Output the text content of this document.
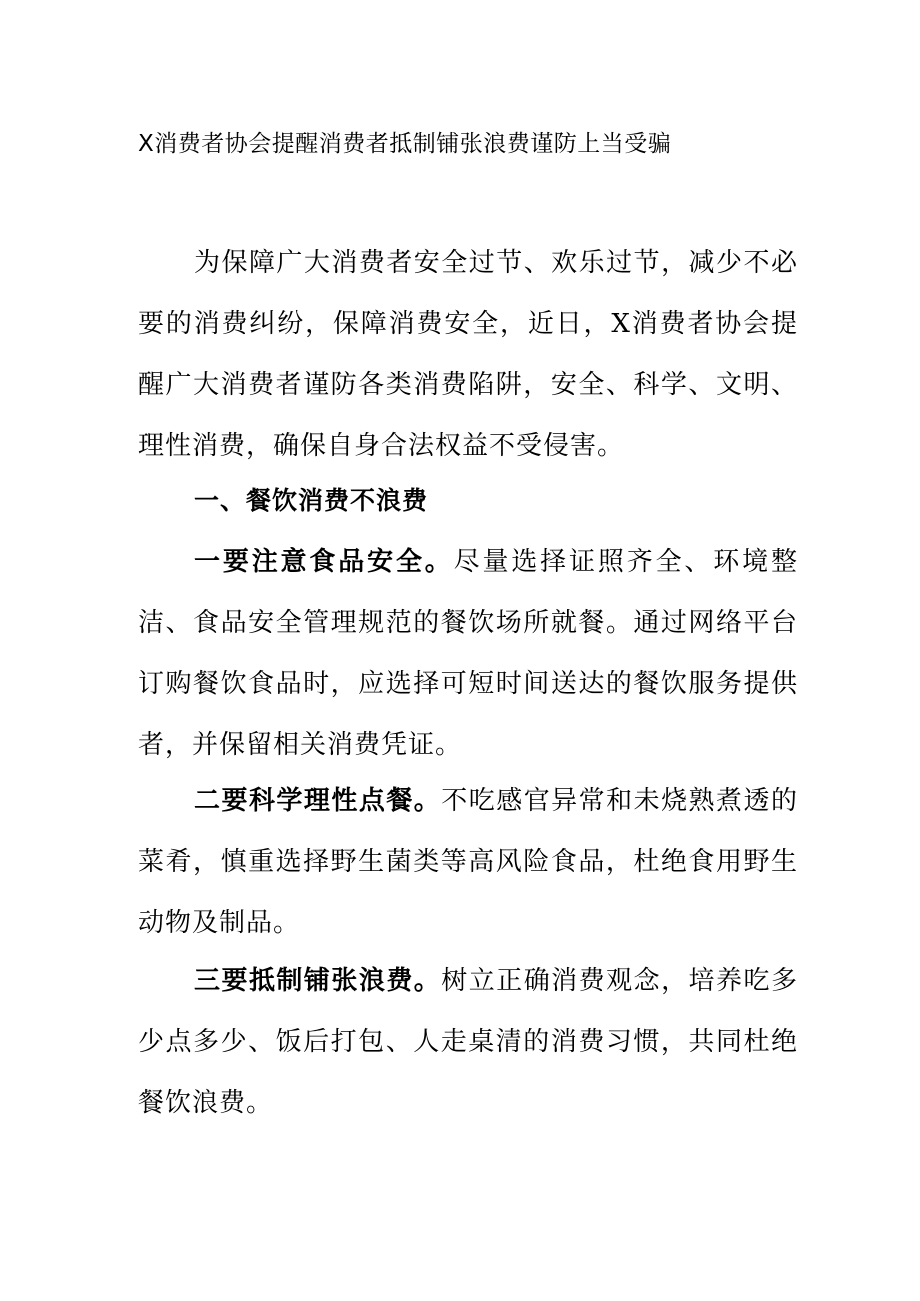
X消费者协会提醒消费者抵制铺张浪费谨防上当受骗

为保障广大消费者安全过节、欢乐过节，减少不必要的消费纠纷，保障消费安全，近日，X消费者协会提醒广大消费者谨防各类消费陷阱，安全、科学、文明、理性消费，确保自身合法权益不受侵害。

一、餐饮消费不浪费

一要注意食品安全。尽量选择证照齐全、环境整洁、食品安全管理规范的餐饮场所就餐。通过网络平台订购餐饮食品时，应选择可短时间送达的餐饮服务提供者，并保留相关消费凭证。

二要科学理性点餐。不吃感官异常和未烧熟煮透的菜肴，慎重选择野生菌类等高风险食品，杜绝食用野生动物及制品。

三要抵制铺张浪费。树立正确消费观念，培养吃多少点多少、饭后打包、人走桌清的消费习惯，共同杜绝餐饮浪费。
